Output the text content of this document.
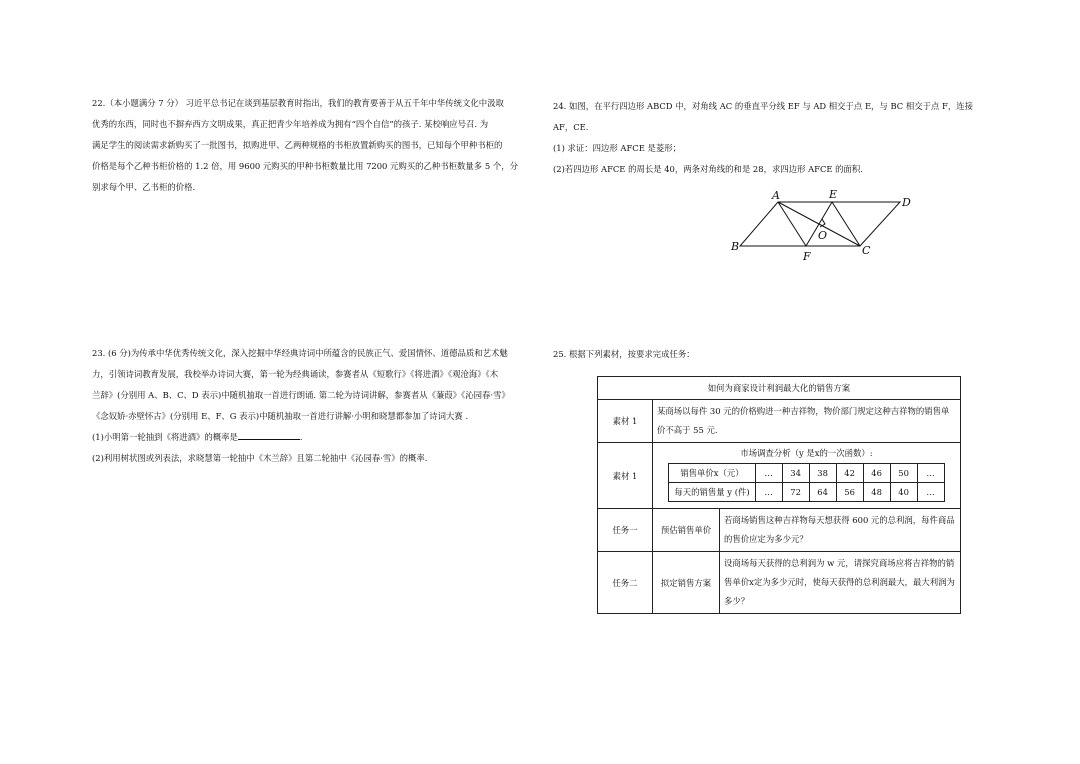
22.（本小题满分 7 分） 习近平总书记在谈到基层教育时指出，我们的教育要善于从五千年中华传统文化中汲取

优秀的东西，同时也不摒弃西方文明成果，真正把青少年培养成为拥有“四个自信”的孩子. 某校响应号召. 为

满足学生的阅读需求新购买了一批图书，拟购进甲、乙两种规格的书柜放置新购买的图书，已知每个甲种书柜的

价格是每个乙种书柜价格的 1.2 倍，用 9600 元购买的甲种书柜数量比用 7200 元购买的乙种书柜数量多 5 个，分

别求每个甲、乙书柜的价格.

23. (6 分)为传承中华优秀传统文化，深入挖掘中华经典诗词中所蕴含的民族正气、爱国情怀、道德品质和艺术魅

力，引领诗词教育发展，我校举办诗词大赛，第一轮为经典诵读，参赛者从《短歌行》《将进酒》《观沧海》《木

兰辞》(分别用 A、B、C、D 表示)中随机抽取一首进行朗诵. 第二轮为诗词讲解，参赛者从《蒹葭》《沁园春·雪》

《念奴娇·赤壁怀古》(分别用 E、F、G 表示)中随机抽取一首进行讲解·小明和晓慧都参加了诗词大赛 .

(1)小明第一轮抽到《将进酒》的概率是	.

(2)利用树状图或列表法，求晓慧第一轮抽中《木兰辞》且第二轮抽中《沁园春·雪》的概率.

24. 如图，在平行四边形 ABCD 中，对角线 AC 的垂直平分线 EF 与 AD 相交于点 E，与 BC 相交于点 F，连接

AF，CE.

(1) 求证：四边形 AFCE 是菱形；

(2)若四边形 AFCE 的周长是 40，两条对角线的和是 28，求四边形 AFCE 的面积.

A
B	C
D
E
F
O

25. 根据下列素材，按要求完成任务：

如何为商家设计利润最大化的销售方案
素材 1	某商场以每件 30 元的价格购进一种吉祥物，物价部门规定这种吉祥物的销售单价不高于 55 元.
素材 1	
市场调查分析（y 是x的一次函数）:
销售单价x（元）	…	34	38	42	46	50	…
每天的销售量 y (件)	…	72	64	56	48	40	…

任务一	预估销售单价	若商场销售这种吉祥物每天想获得 600 元的总利润，每件商品的售价应定为多少元？
任务二	拟定销售方案	设商场每天获得的总利润为 w 元，请探究商场应将吉祥物的销售单价x定为多少元时，使每天获得的总利润最大，最大利润为多少？
